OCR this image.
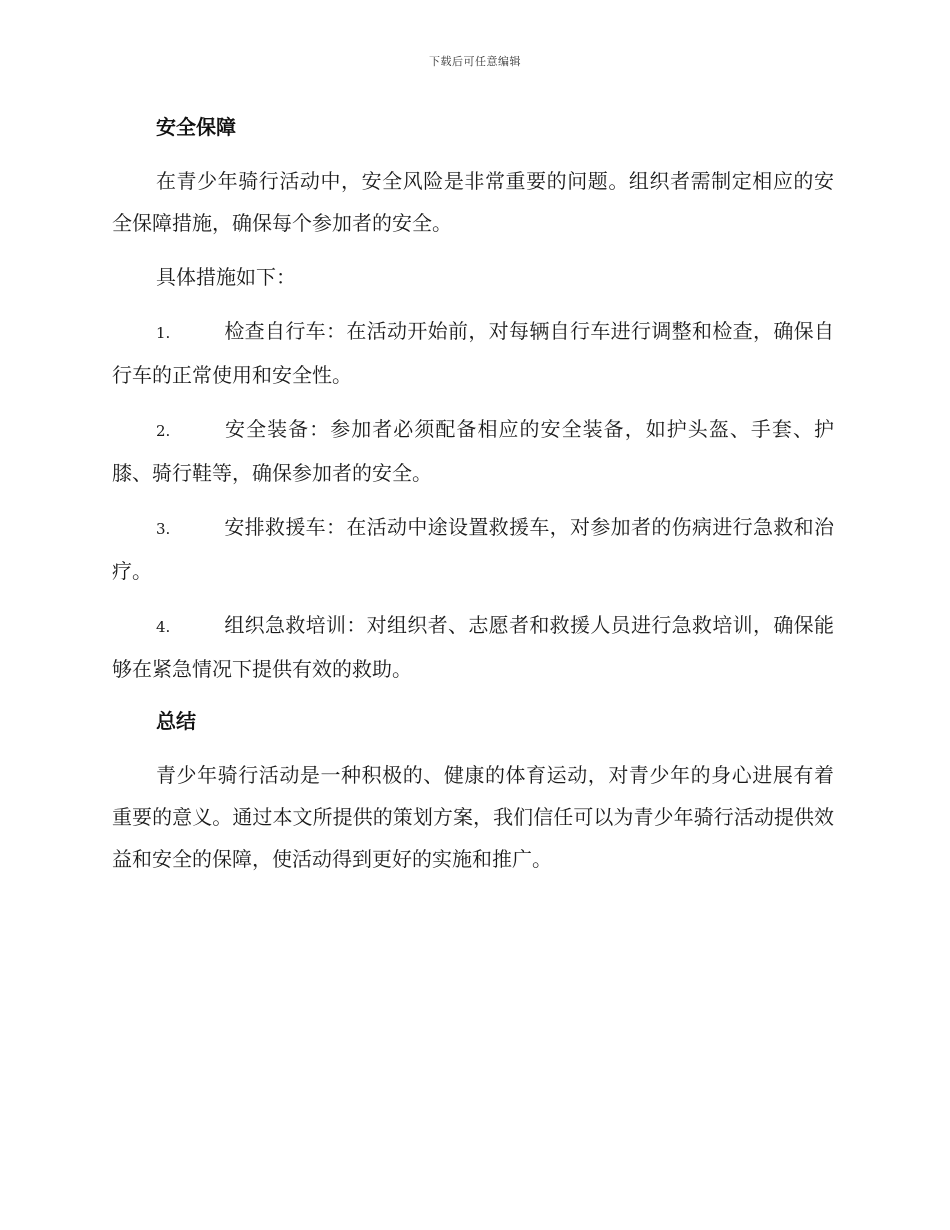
下载后可任意编辑
安全保障

在青少年骑行活动中，安全风险是非常重要的问题。组织者需制定相应的安全保障措施，确保每个参加者的安全。

具体措施如下：

1.	检查自行车：在活动开始前，对每辆自行车进行调整和检查，确保自行车的正常使用和安全性。

2.	安全装备：参加者必须配备相应的安全装备，如护头盔、手套、护膝、骑行鞋等，确保参加者的安全。

3.	安排救援车：在活动中途设置救援车，对参加者的伤病进行急救和治疗。

4.	组织急救培训：对组织者、志愿者和救援人员进行急救培训，确保能够在紧急情况下提供有效的救助。

总结

青少年骑行活动是一种积极的、健康的体育运动，对青少年的身心进展有着重要的意义。通过本文所提供的策划方案，我们信任可以为青少年骑行活动提供效益和安全的保障，使活动得到更好的实施和推广。
